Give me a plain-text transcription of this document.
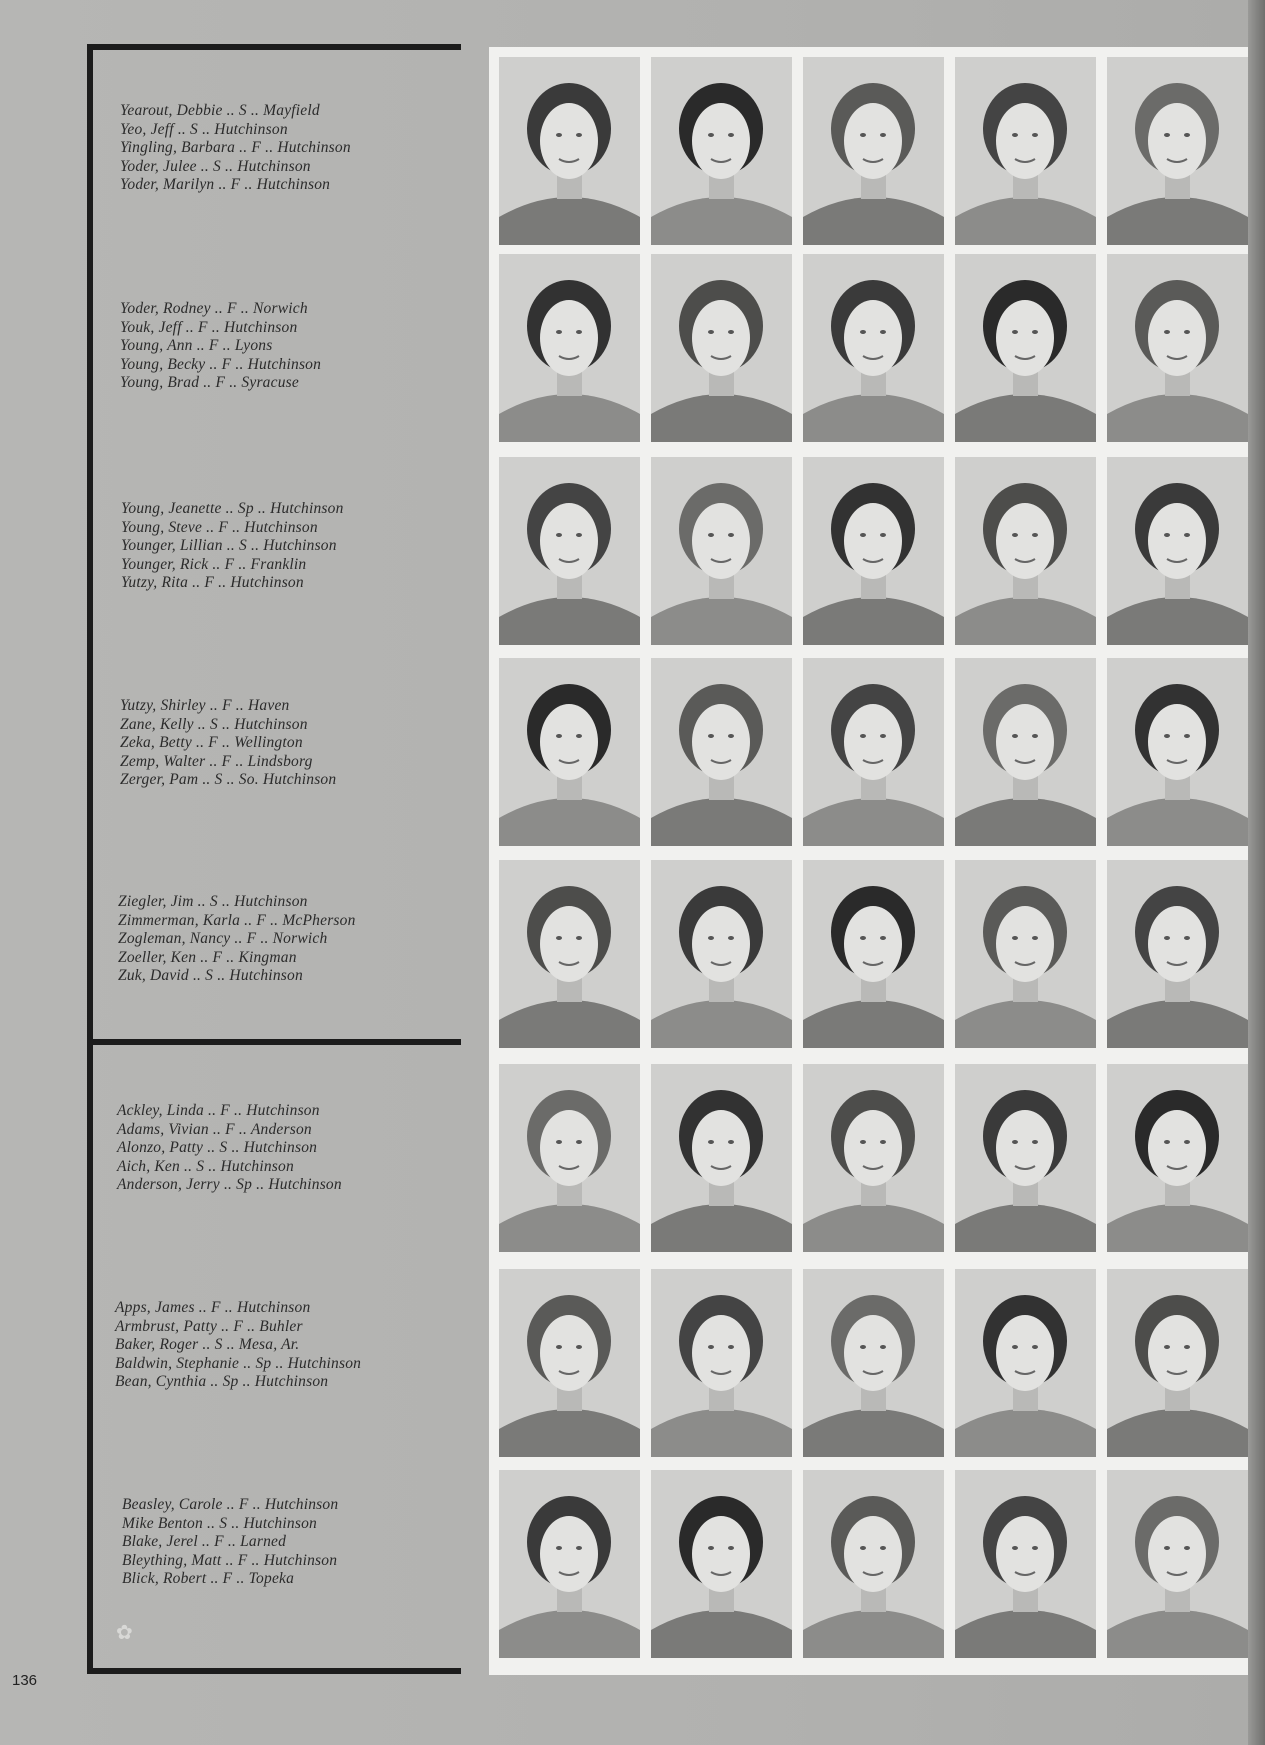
Yearout, Debbie .. S .. Mayfield
Yeo, Jeff .. S .. Hutchinson
Yingling, Barbara .. F .. Hutchinson
Yoder, Julee .. S .. Hutchinson
Yoder, Marilyn .. F .. Hutchinson
Yoder, Rodney .. F .. Norwich
Youk, Jeff .. F .. Hutchinson
Young, Ann .. F .. Lyons
Young, Becky .. F .. Hutchinson
Young, Brad .. F .. Syracuse
Young, Jeanette .. Sp .. Hutchinson
Young, Steve .. F .. Hutchinson
Younger, Lillian .. S .. Hutchinson
Younger, Rick .. F .. Franklin
Yutzy, Rita .. F .. Hutchinson
Yutzy, Shirley .. F .. Haven
Zane, Kelly .. S .. Hutchinson
Zeka, Betty .. F .. Wellington
Zemp, Walter .. F .. Lindsborg
Zerger, Pam .. S .. So. Hutchinson
Ziegler, Jim .. S .. Hutchinson
Zimmerman, Karla .. F .. McPherson
Zogleman, Nancy .. F .. Norwich
Zoeller, Ken .. F .. Kingman
Zuk, David .. S .. Hutchinson
Ackley, Linda .. F .. Hutchinson
Adams, Vivian .. F .. Anderson
Alonzo, Patty .. S .. Hutchinson
Aich, Ken .. S .. Hutchinson
Anderson, Jerry .. Sp .. Hutchinson
Apps, James .. F .. Hutchinson
Armbrust, Patty .. F .. Buhler
Baker, Roger .. S .. Mesa, Ar.
Baldwin, Stephanie .. Sp .. Hutchinson
Bean, Cynthia .. Sp .. Hutchinson
Beasley, Carole .. F .. Hutchinson
Mike Benton .. S .. Hutchinson
Blake, Jerel .. F .. Larned
Bleything, Matt .. F .. Hutchinson
Blick, Robert .. F .. Topeka
✿
136
